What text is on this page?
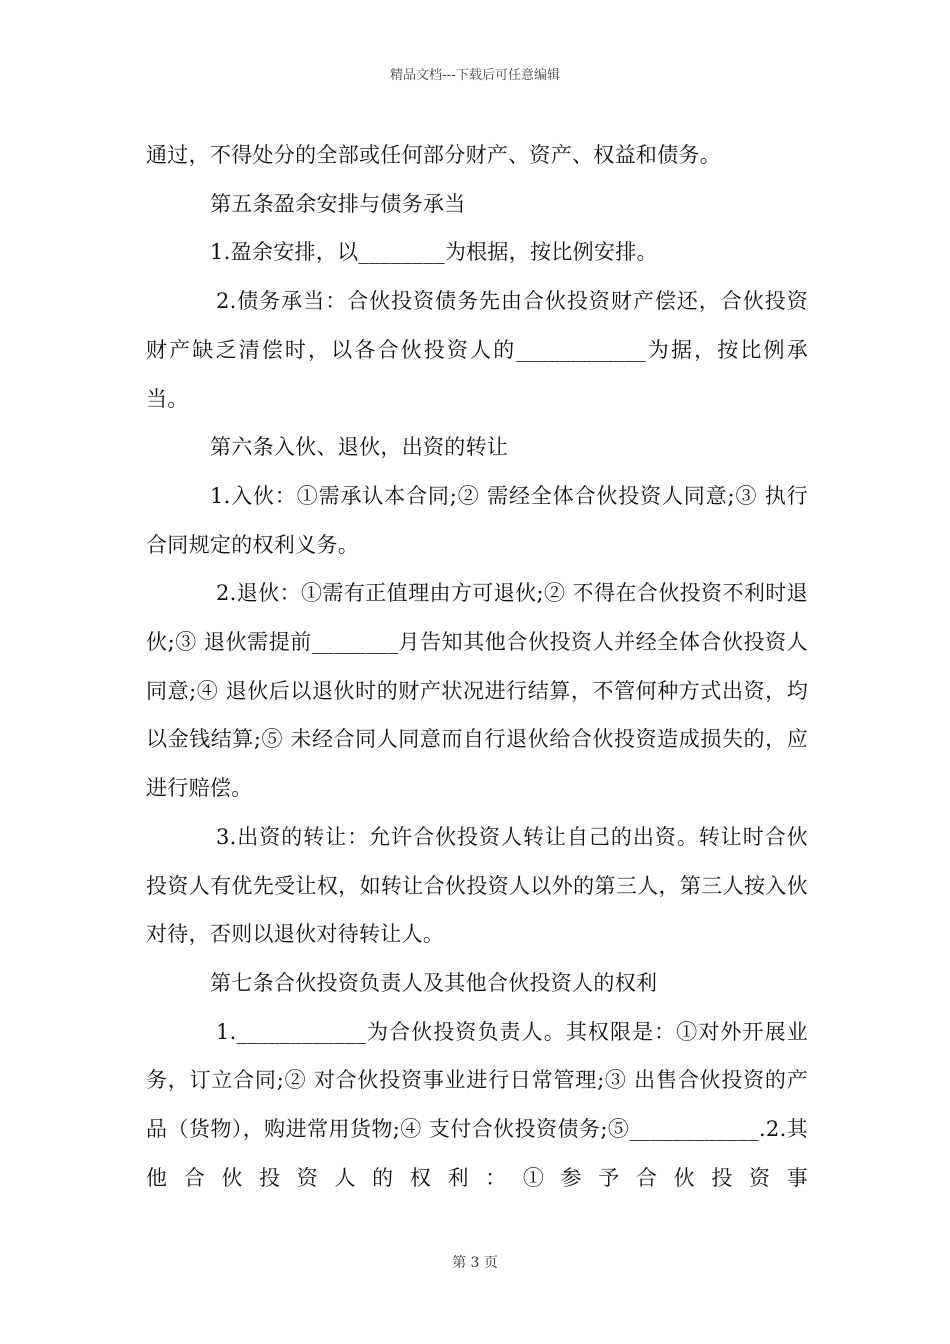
精品文档---下载后可任意编辑

通过，不得处分的全部或任何部分财产、资产、权益和债务。

第五条盈余安排与债务承当

1.盈余安排，以________为根据，按比例安排。

2.债务承当：合伙投资债务先由合伙投资财产偿还，合伙投资财产缺乏清偿时，以各合伙投资人的____________为据，按比例承当。

第六条入伙、退伙，出资的转让

1.入伙：①需承认本合同;② 需经全体合伙投资人同意;③ 执行合同规定的权利义务。

2.退伙：①需有正值理由方可退伙;② 不得在合伙投资不利时退伙;③ 退伙需提前________月告知其他合伙投资人并经全体合伙投资人同意;④ 退伙后以退伙时的财产状况进行结算，不管何种方式出资，均以金钱结算;⑤ 未经合同人同意而自行退伙给合伙投资造成损失的，应进行赔偿。

3.出资的转让：允许合伙投资人转让自己的出资。转让时合伙投资人有优先受让权，如转让合伙投资人以外的第三人，第三人按入伙对待，否则以退伙对待转让人。

第七条合伙投资负责人及其他合伙投资人的权利

1.____________为合伙投资负责人。其权限是：①对外开展业务，订立合同;② 对合伙投资事业进行日常管理;③ 出售合伙投资的产品（货物），购进常用货物;④ 支付合伙投资债务;⑤____________.2.其他合伙投资人的权利：①参予合伙投资事

第 3 页
